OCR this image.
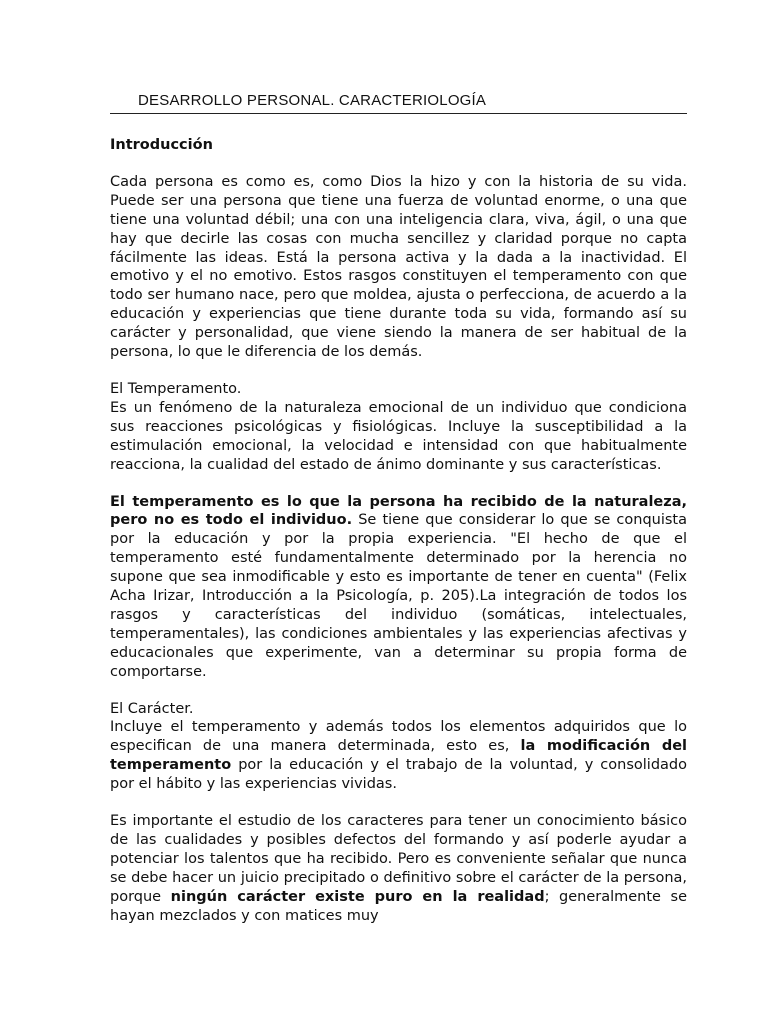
DESARROLLO PERSONAL. CARACTERIOLOGÍA
Introducción

Cada persona es como es, como Dios la hizo y con la historia de su vida. Puede ser una persona que tiene una fuerza de voluntad enorme, o una que tiene una voluntad débil; una con una inteligencia clara, viva, ágil, o una que hay que decirle las cosas con mucha sencillez y claridad porque no capta fácilmente las ideas. Está la persona activa y la dada a la inactividad. El emotivo y el no emotivo. Estos rasgos constituyen el temperamento con que todo ser humano nace, pero que moldea, ajusta o perfecciona, de acuerdo a la educación y experiencias que tiene durante toda su vida, formando así su carácter y personalidad, que viene siendo la manera de ser habitual de la persona, lo que le diferencia de los demás.

El Temperamento.
Es un fenómeno de la naturaleza emocional de un individuo que condiciona sus reacciones psicológicas y fisiológicas. Incluye la susceptibilidad a la estimulación emocional, la velocidad e intensidad con que habitualmente reacciona, la cualidad del estado de ánimo dominante y sus características.

El temperamento es lo que la persona ha recibido de la naturaleza, pero no es todo el individuo. Se tiene que considerar lo que se conquista por la educación y por la propia experiencia. "El hecho de que el temperamento esté fundamentalmente determinado por la herencia no supone que sea inmodificable y esto es importante de tener en cuenta" (Felix Acha Irizar, Introducción a la Psicología, p. 205).La integración de todos los rasgos y características del individuo (somáticas, intelectuales, temperamentales), las condiciones ambientales y las experiencias afectivas y educacionales que experimente, van a determinar su propia forma de comportarse.

El Carácter.
Incluye el temperamento y además todos los elementos adquiridos que lo especifican de una manera determinada, esto es, la modificación del temperamento por la educación y el trabajo de la voluntad, y consolidado por el hábito y las experiencias vividas.

Es importante el estudio de los caracteres para tener un conocimiento básico de las cualidades y posibles defectos del formando y así poderle ayudar a potenciar los talentos que ha recibido. Pero es conveniente señalar que nunca se debe hacer un juicio precipitado o definitivo sobre el carácter de la persona, porque ningún carácter existe puro en la realidad; generalmente se hayan mezclados y con matices muy
